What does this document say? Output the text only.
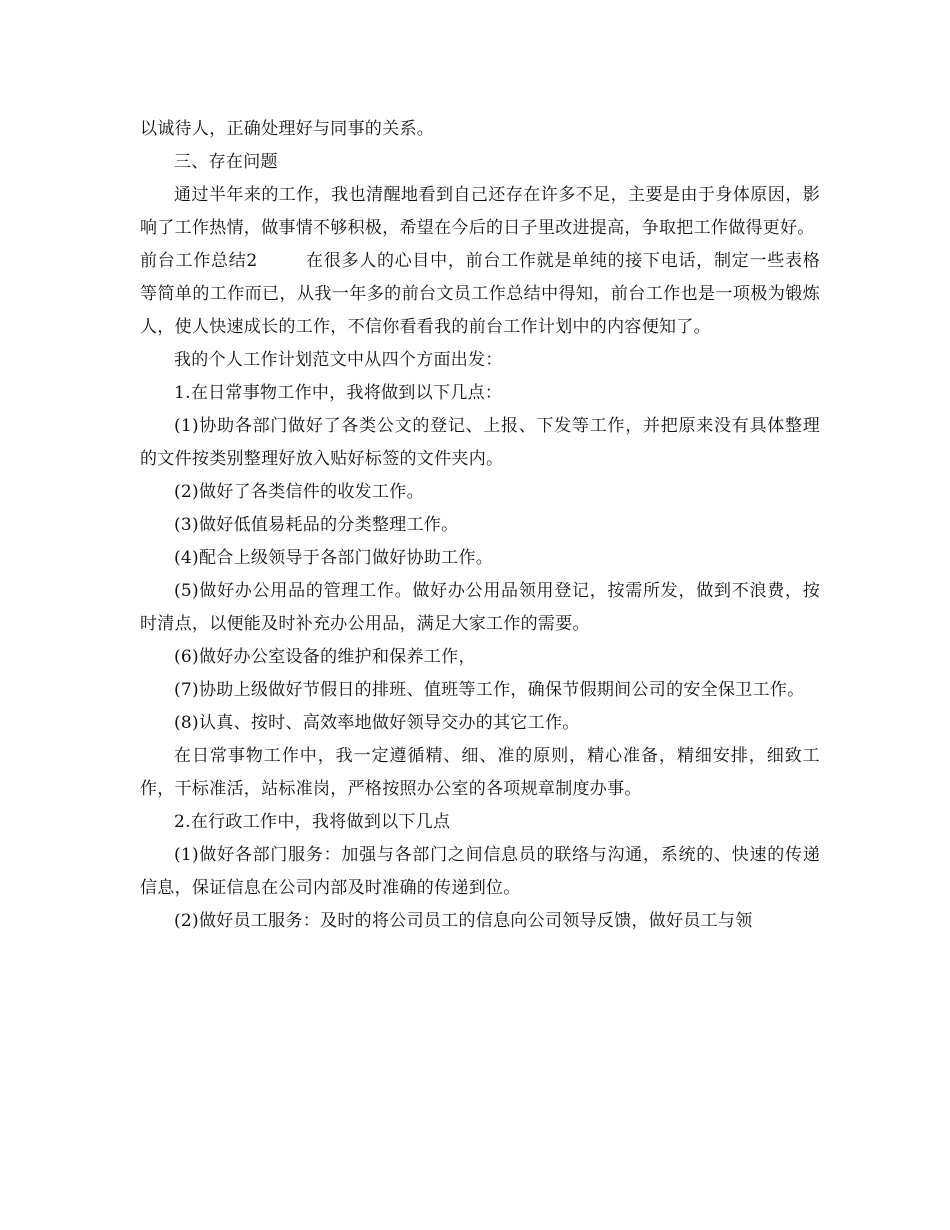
以诚待人，正确处理好与同事的关系。

三、存在问题

通过半年来的工作，我也清醒地看到自己还存在许多不足，主要是由于身体原因，影响了工作热情，做事情不够积极，希望在今后的日子里改进提高，争取把工作做得更好。

前台工作总结2	在很多人的心目中，前台工作就是单纯的接下电话，制定一些表格等简单的工作而已，从我一年多的前台文员工作总结中得知，前台工作也是一项极为锻炼人，使人快速成长的工作，不信你看看我的前台工作计划中的内容便知了。

我的个人工作计划范文中从四个方面出发：

1.在日常事物工作中，我将做到以下几点：

(1)协助各部门做好了各类公文的登记、上报、下发等工作，并把原来没有具体整理的文件按类别整理好放入贴好标签的文件夹内。

(2)做好了各类信件的收发工作。

(3)做好低值易耗品的分类整理工作。

(4)配合上级领导于各部门做好协助工作。

(5)做好办公用品的管理工作。做好办公用品领用登记，按需所发，做到不浪费，按时清点，以便能及时补充办公用品，满足大家工作的需要。

(6)做好办公室设备的维护和保养工作，

(7)协助上级做好节假日的排班、值班等工作，确保节假期间公司的安全保卫工作。

(8)认真、按时、高效率地做好领导交办的其它工作。

在日常事物工作中，我一定遵循精、细、准的原则，精心准备，精细安排，细致工作，干标准活，站标准岗，严格按照办公室的各项规章制度办事。

2.在行政工作中，我将做到以下几点

(1)做好各部门服务：加强与各部门之间信息员的联络与沟通，系统的、快速的传递信息，保证信息在公司内部及时准确的传递到位。

(2)做好员工服务：及时的将公司员工的信息向公司领导反馈，做好员工与领
